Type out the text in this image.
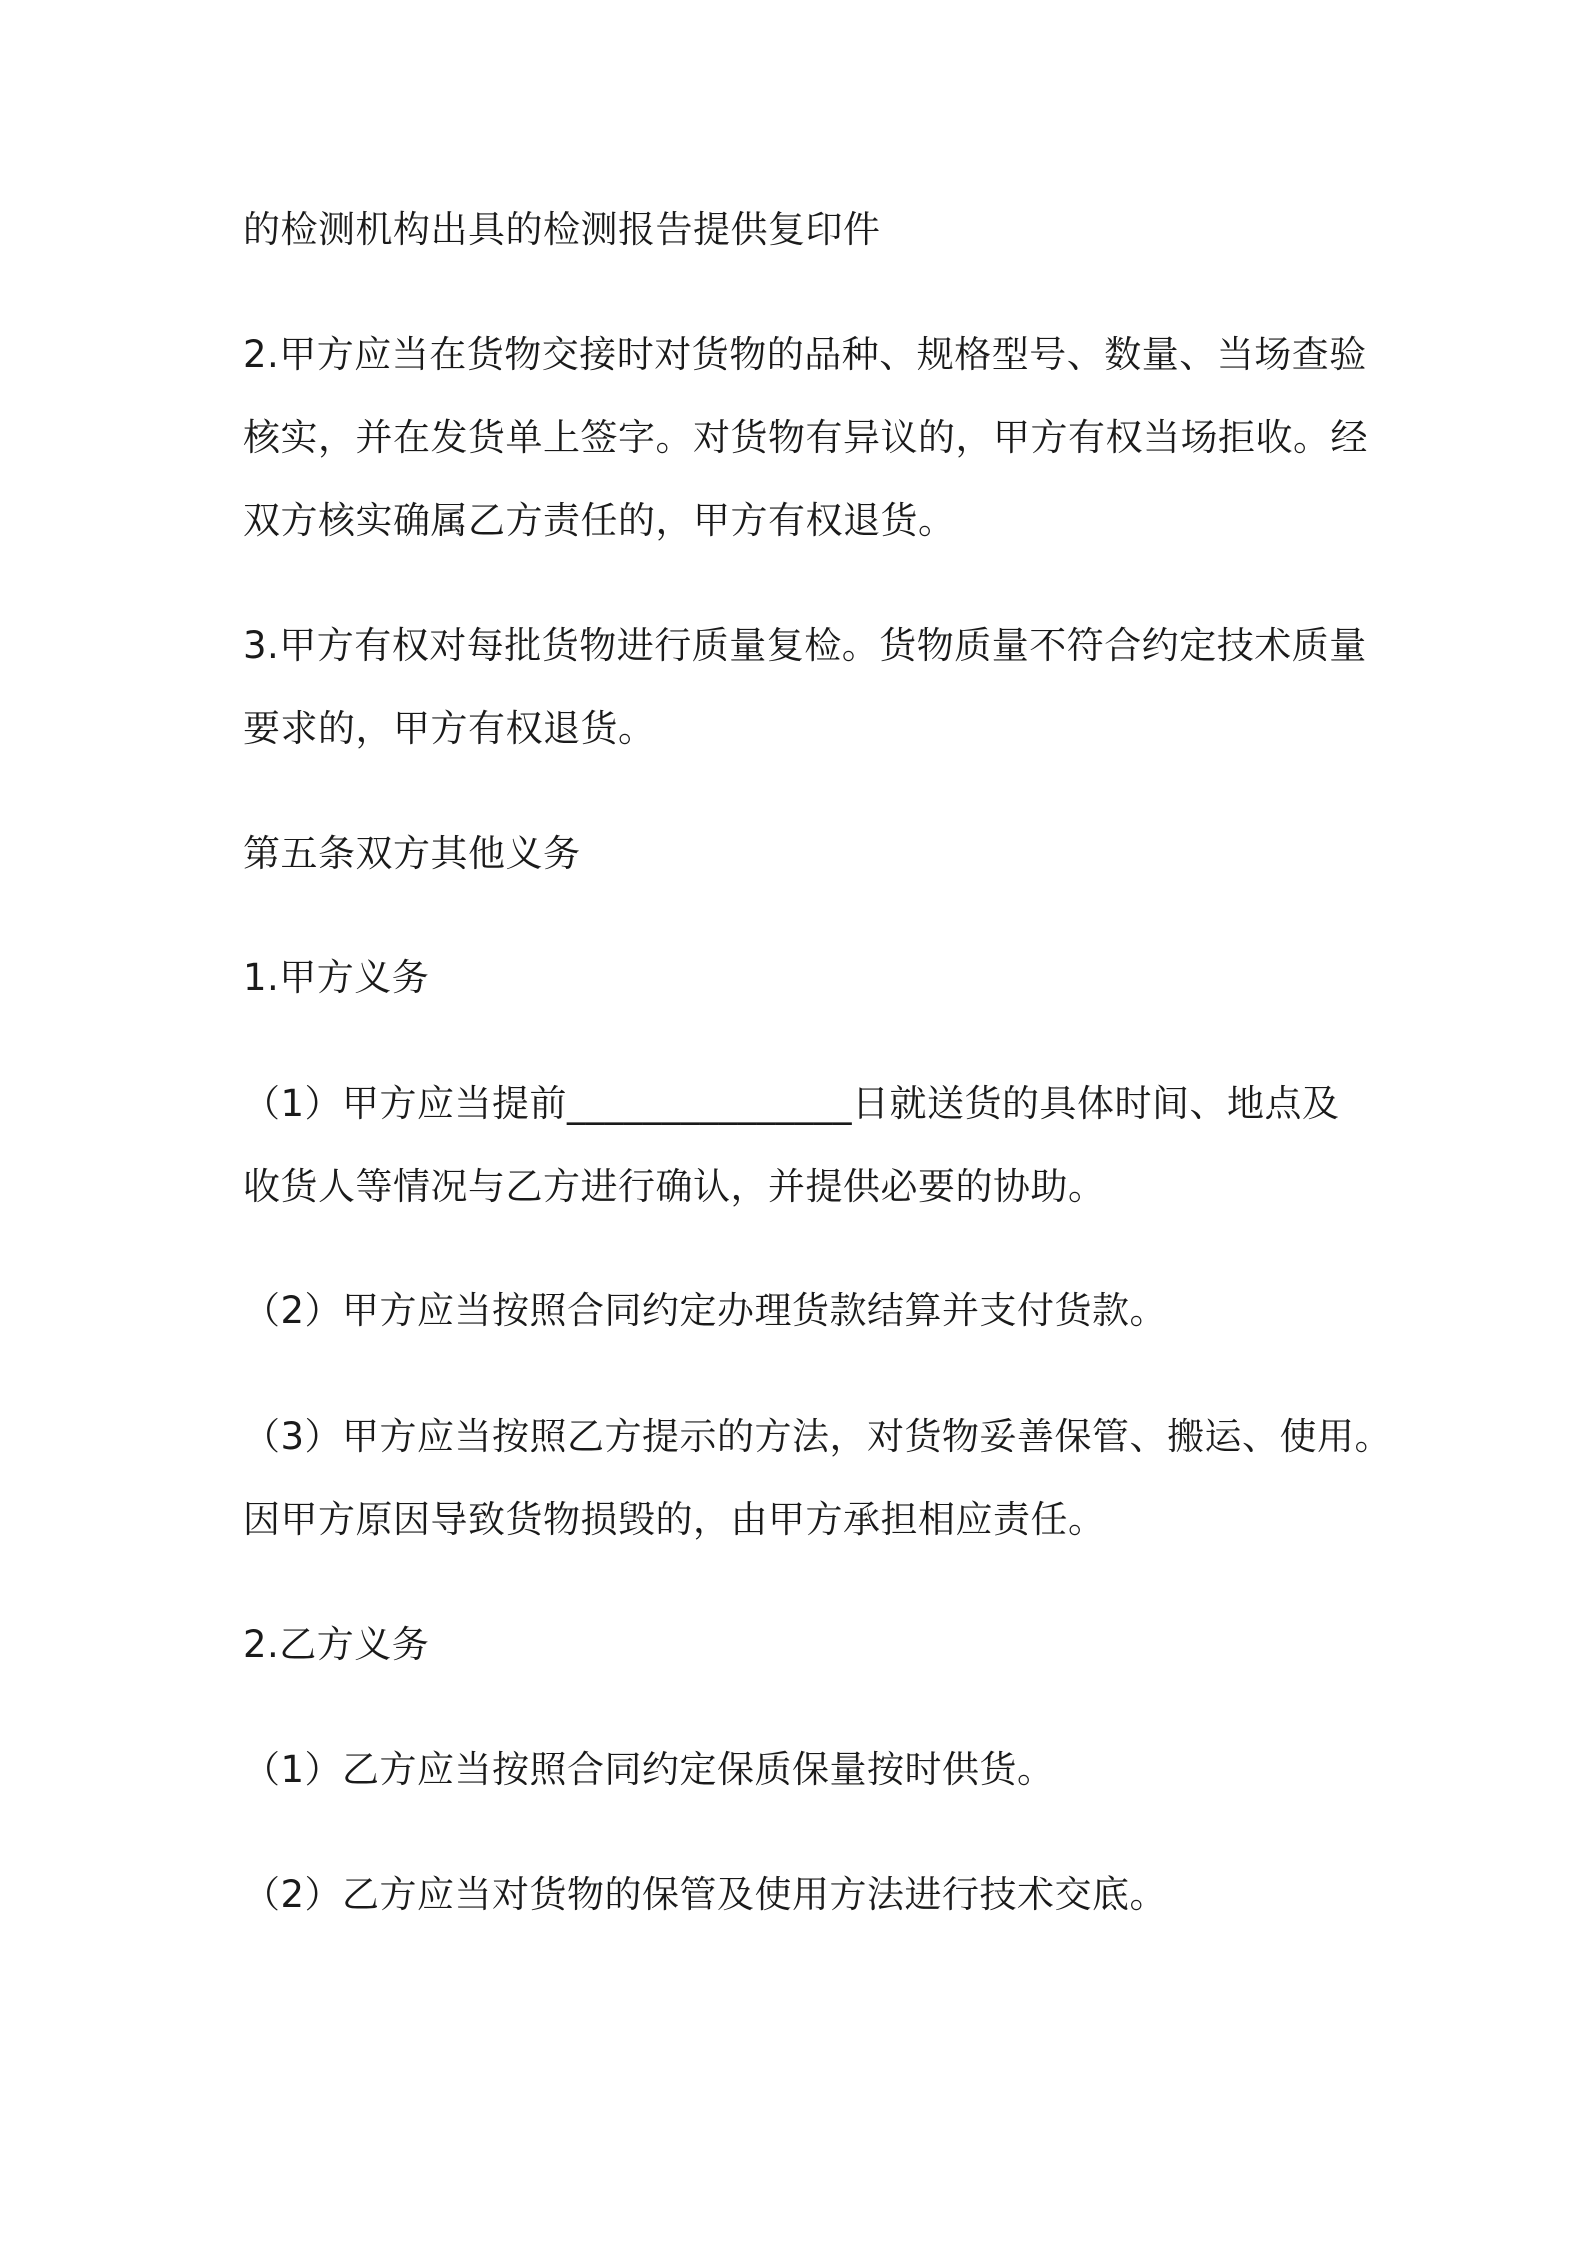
的检测机构出具的检测报告提供复印件
2.甲方应当在货物交接时对货物的品种、规格型号、数量、当场查验
核实，并在发货单上签字。对货物有异议的，甲方有权当场拒收。经
双方核实确属乙方责任的，甲方有权退货。
3.甲方有权对每批货物进行质量复检。货物质量不符合约定技术质量
要求的，甲方有权退货。
第五条双方其他义务
1.甲方义务
（1）甲方应当提前_______________日就送货的具体时间、地点及
收货人等情况与乙方进行确认，并提供必要的协助。
（2）甲方应当按照合同约定办理货款结算并支付货款。
（3）甲方应当按照乙方提示的方法，对货物妥善保管、搬运、使用。
因甲方原因导致货物损毁的，由甲方承担相应责任。
2.乙方义务
（1）乙方应当按照合同约定保质保量按时供货。
（2）乙方应当对货物的保管及使用方法进行技术交底。
